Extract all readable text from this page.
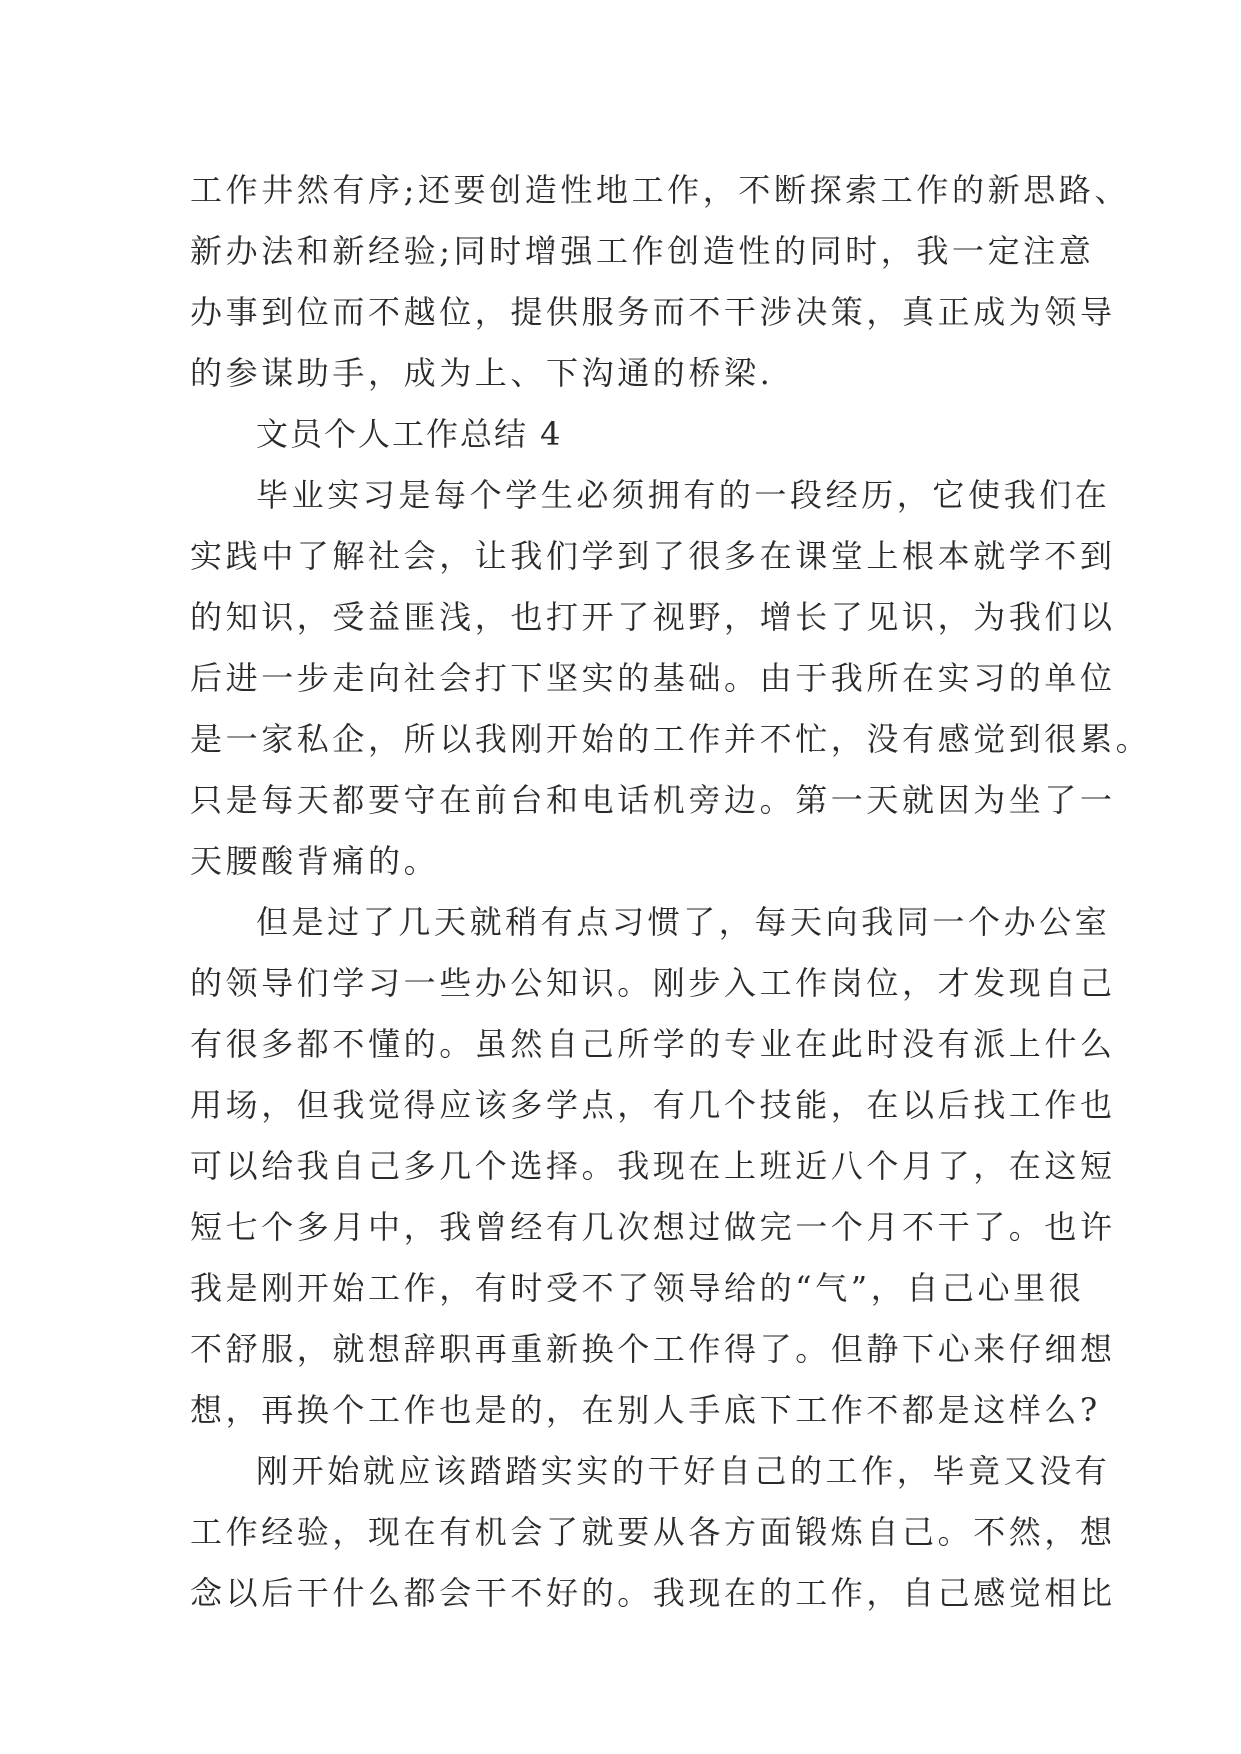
工作井然有序;还要创造性地工作，不断探索工作的新思路、
新办法和新经验;同时增强工作创造性的同时，我一定注意
办事到位而不越位，提供服务而不干涉决策，真正成为领导
的参谋助手，成为上、下沟通的桥梁.
文员个人工作总结 4
毕业实习是每个学生必须拥有的一段经历，它使我们在
实践中了解社会，让我们学到了很多在课堂上根本就学不到
的知识，受益匪浅，也打开了视野，增长了见识，为我们以
后进一步走向社会打下坚实的基础。由于我所在实习的单位
是一家私企，所以我刚开始的工作并不忙，没有感觉到很累。
只是每天都要守在前台和电话机旁边。第一天就因为坐了一
天腰酸背痛的。
但是过了几天就稍有点习惯了，每天向我同一个办公室
的领导们学习一些办公知识。刚步入工作岗位，才发现自己
有很多都不懂的。虽然自己所学的专业在此时没有派上什么
用场，但我觉得应该多学点，有几个技能，在以后找工作也
可以给我自己多几个选择。我现在上班近八个月了，在这短
短七个多月中，我曾经有几次想过做完一个月不干了。也许
我是刚开始工作，有时受不了领导给的“气”，自己心里很
不舒服，就想辞职再重新换个工作得了。但静下心来仔细想
想，再换个工作也是的，在别人手底下工作不都是这样么?
刚开始就应该踏踏实实的干好自己的工作，毕竟又没有
工作经验，现在有机会了就要从各方面锻炼自己。不然，想
念以后干什么都会干不好的。我现在的工作，自己感觉相比
